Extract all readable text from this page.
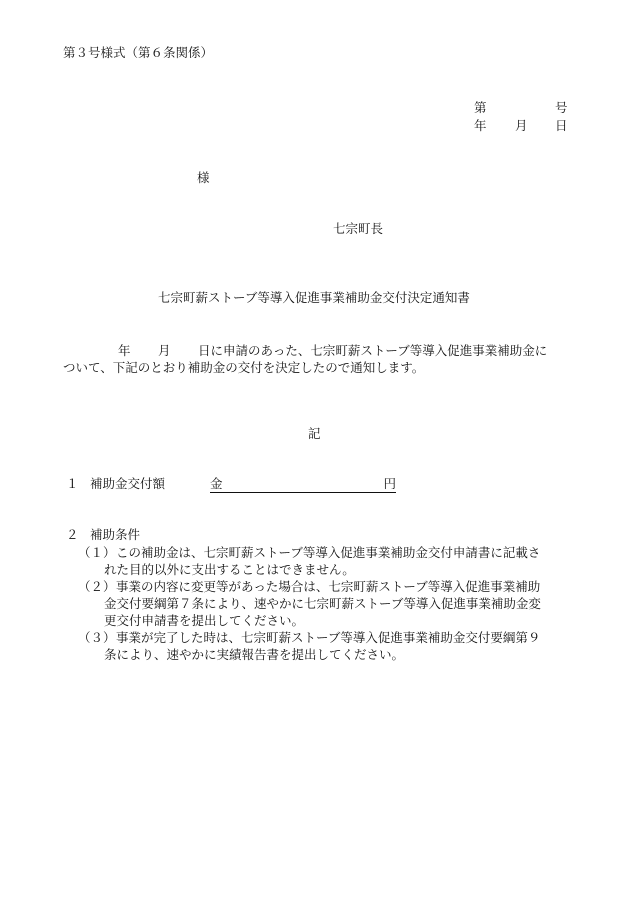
第３号様式（第６条関係）
第	号
年 月 日
様
七宗町長
七宗町薪ストーブ等導入促進事業補助金交付決定通知書
年 月 日に申請のあった、七宗町薪ストーブ等導入促進事業補助金に
ついて、下記のとおり補助金の交付を決定したので通知します。
記
１ 補助金交付額	金	円
２ 補助条件
（１） この補助金は、七宗町薪ストーブ等導入促進事業補助金交付申請書に記載さ
れた目的以外に支出することはできません。
（２） 事業の内容に変更等があった場合は、七宗町薪ストーブ等導入促進事業補助
金交付要綱第７条により、速やかに七宗町薪ストーブ等導入促進事業補助金変
更交付申請書を提出してください。
（３） 事業が完了した時は、七宗町薪ストーブ等導入促進事業補助金交付要綱第９
条により、速やかに実績報告書を提出してください。
